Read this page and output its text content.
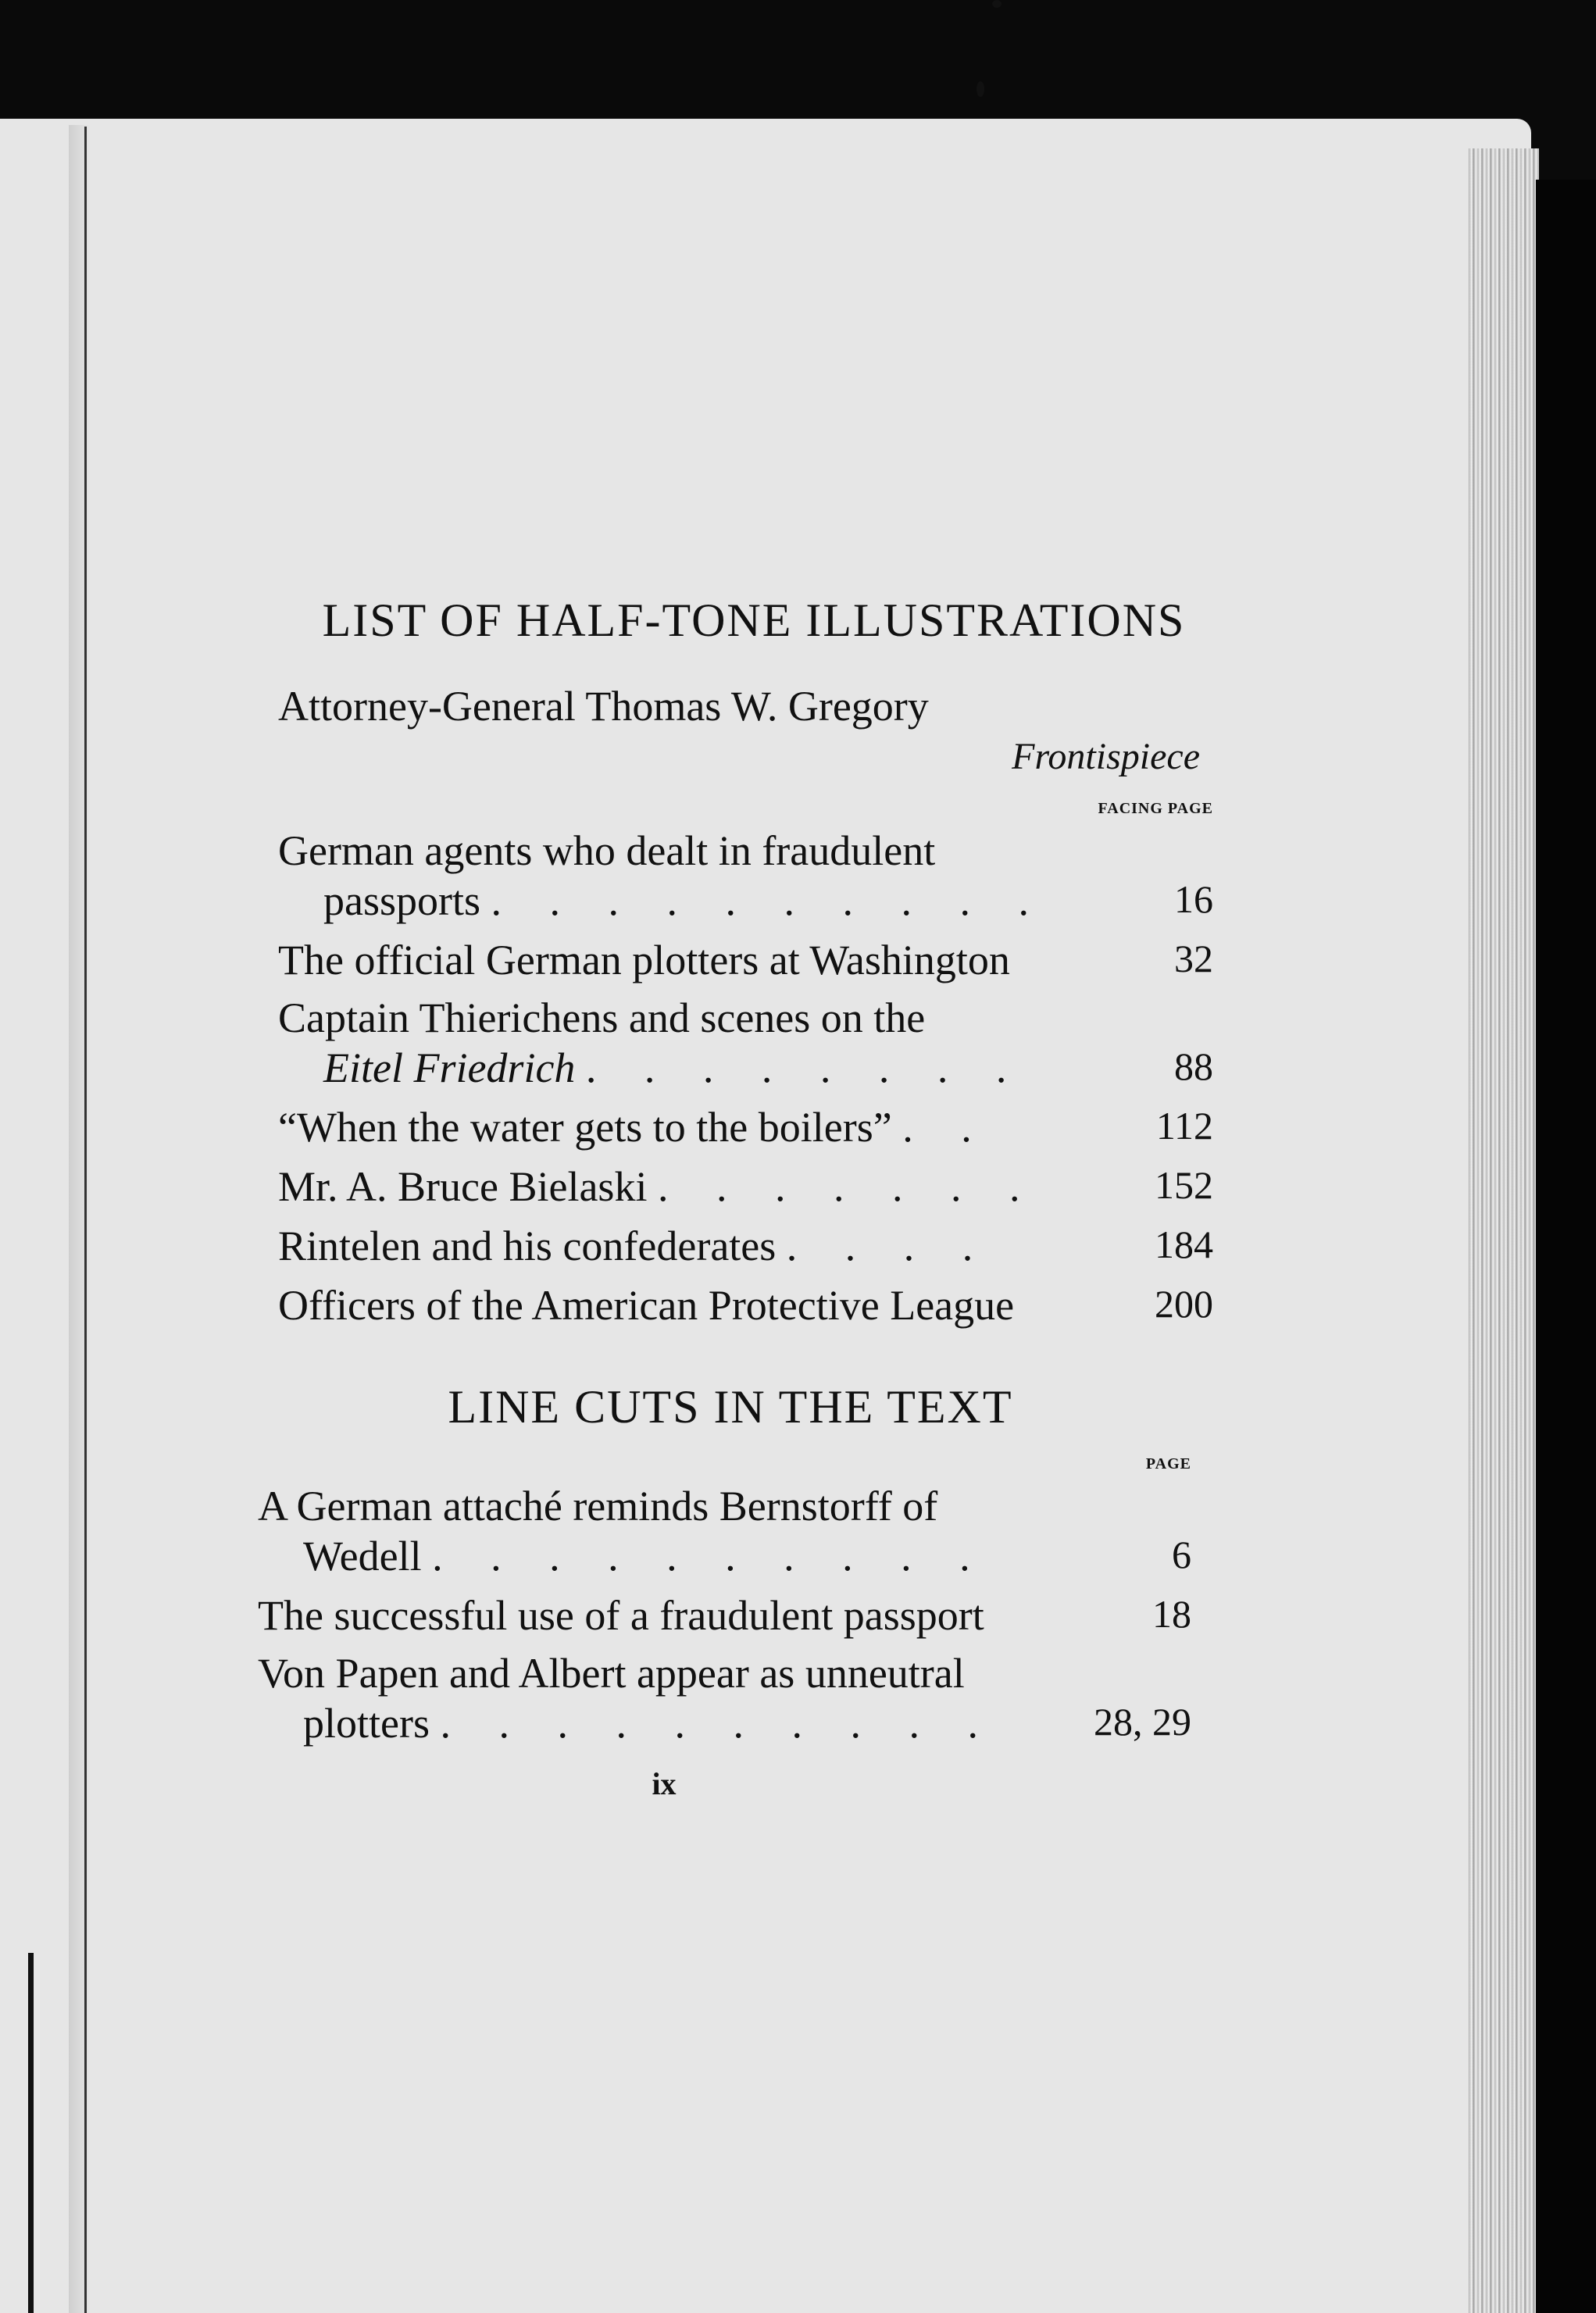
LIST OF HALF-TONE ILLUSTRATIONS
Attorney-General Thomas W. Gregory
Frontispiece
FACING PAGE
German agents who dealt in fraudulent
passports . . . . . . . . . .	16
The official German plotters at Washington	32
Captain Thierichens and scenes on the
Eitel Friedrich . . . . . . . .	88
“When the water gets to the boilers” . .	112
Mr. A. Bruce Bielaski . . . . . . .	152
Rintelen and his confederates . . . .	184
Officers of the American Protective League	200
LINE CUTS IN THE TEXT
PAGE
A German attaché reminds Bernstorff of
Wedell . . . . . . . . . .	6
The successful use of a fraudulent passport	18
Von Papen and Albert appear as unneutral
plotters . . . . . . . . . .	28, 29
ix
